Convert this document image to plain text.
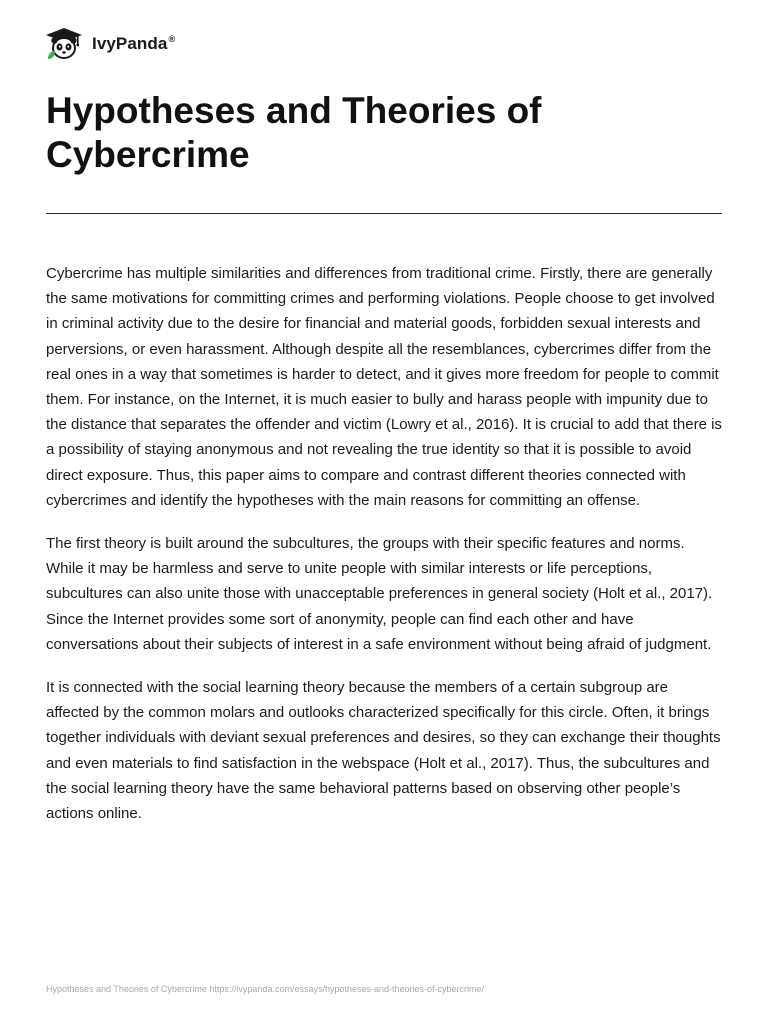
IvyPanda®
Hypotheses and Theories of Cybercrime

Cybercrime has multiple similarities and differences from traditional crime. Firstly, there are generally the same motivations for committing crimes and performing violations. People choose to get involved in criminal activity due to the desire for financial and material goods, forbidden sexual interests and perversions, or even harassment. Although despite all the resemblances, cybercrimes differ from the real ones in a way that sometimes is harder to detect, and it gives more freedom for people to commit them. For instance, on the Internet, it is much easier to bully and harass people with impunity due to the distance that separates the offender and victim (Lowry et al., 2016). It is crucial to add that there is a possibility of staying anonymous and not revealing the true identity so that it is possible to avoid direct exposure. Thus, this paper aims to compare and contrast different theories connected with cybercrimes and identify the hypotheses with the main reasons for committing an offense.

The first theory is built around the subcultures, the groups with their specific features and norms. While it may be harmless and serve to unite people with similar interests or life perceptions, subcultures can also unite those with unacceptable preferences in general society (Holt et al., 2017). Since the Internet provides some sort of anonymity, people can find each other and have conversations about their subjects of interest in a safe environment without being afraid of judgment.

It is connected with the social learning theory because the members of a certain subgroup are affected by the common molars and outlooks characterized specifically for this circle. Often, it brings together individuals with deviant sexual preferences and desires, so they can exchange their thoughts and even materials to find satisfaction in the webspace (Holt et al., 2017). Thus, the subcultures and the social learning theory have the same behavioral patterns based on observing other people’s actions online.

Hypotheses and Theories of Cybercrime https://ivypanda.com/essays/hypotheses-and-theories-of-cybercrime/
